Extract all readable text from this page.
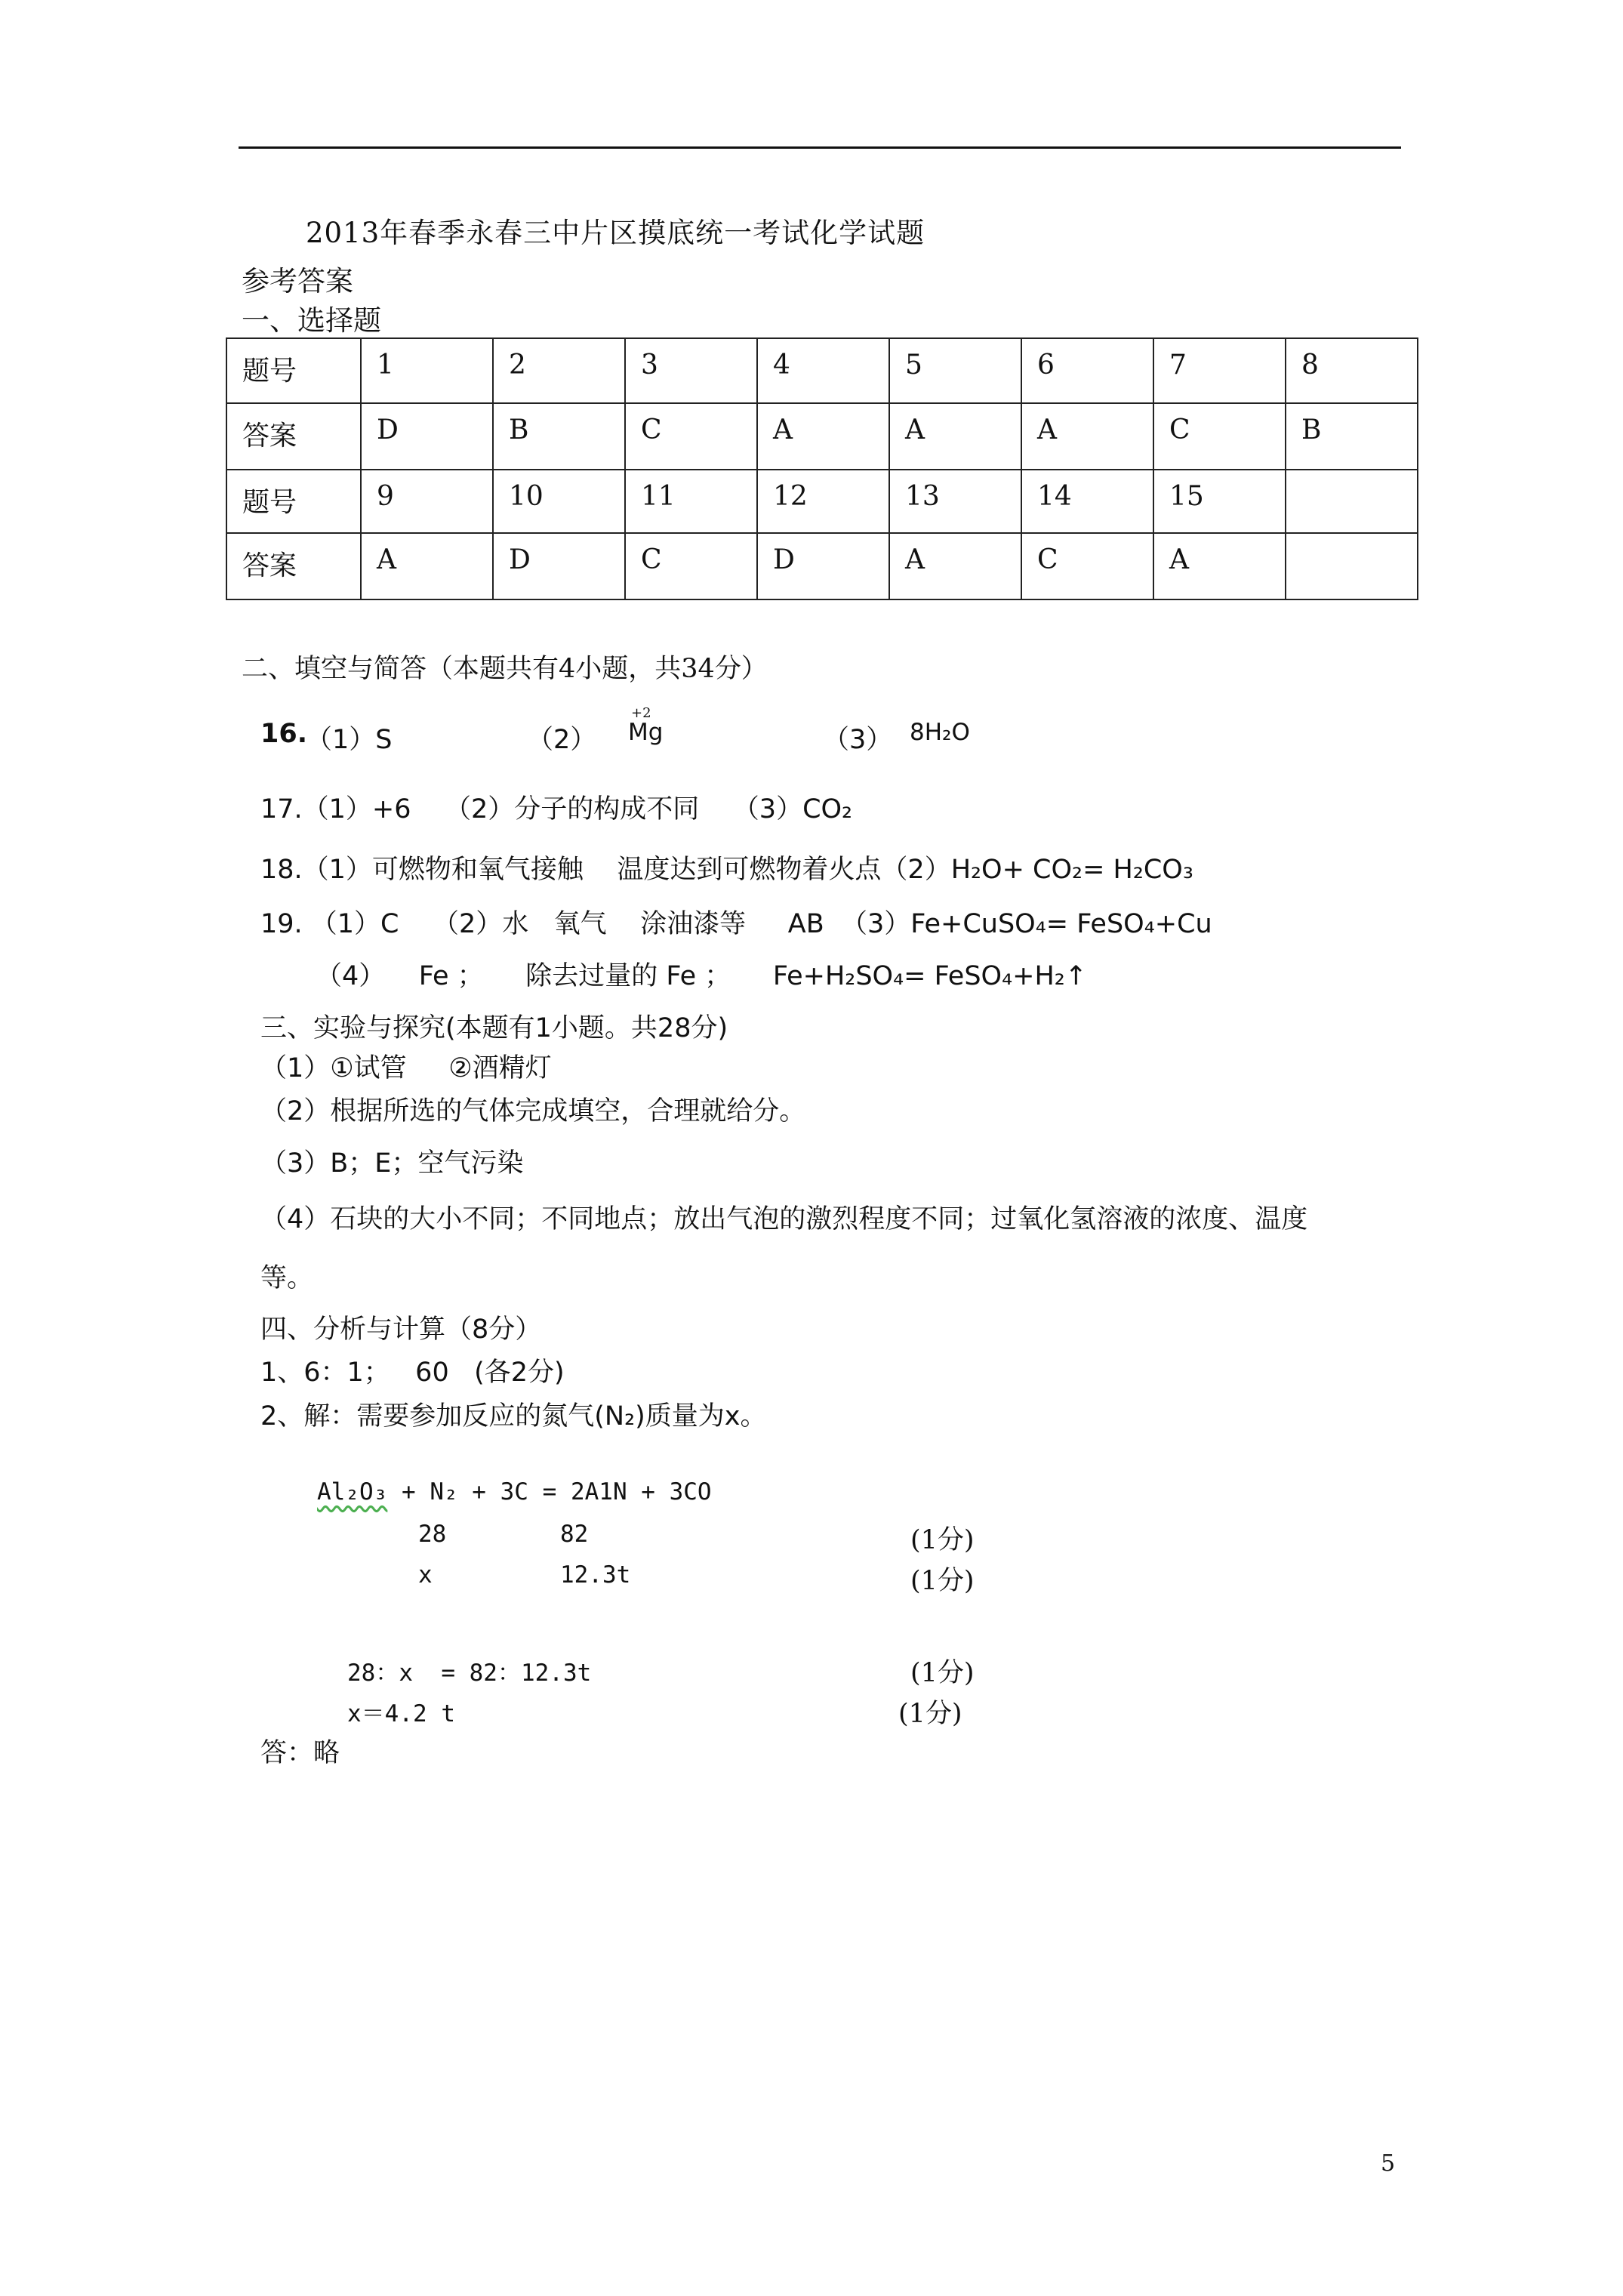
2013年春季永春三中片区摸底统一考试化学试题
参考答案
一、选择题
题号	1	2	3	4	5	6	7	8
答案	D	B	C	A	A	A	C	B
题号	9	10	11	12	13	14	15	
答案	A	D	C	D	A	C	A	
二、填空与简答（本题共有4小题，共34分）
16.
（1）S	（2）
+2
Mg	（3） 8H₂O
17.（1）+6    （2）分子的构成不同    （3）CO₂
18.（1）可燃物和氧气接触    温度达到可燃物着火点（2）H₂O+ CO₂= H₂CO₃
19. （1）C    （2）水   氧气    涂油漆等     AB  （3）Fe+CuSO₄= FeSO₄+Cu
（4）    Fe ；     除去过量的 Fe ；     Fe+H₂SO₄= FeSO₄+H₂↑
三、实验与探究(本题有1小题。共28分)
（1）①试管     ②酒精灯
（2）根据所选的气体完成填空，合理就给分。
（3）B；E；空气污染
（4）石块的大小不同；不同地点；放出气泡的激烈程度不同；过氧化氢溶液的浓度、温度
等。
四、分析与计算（8分）
1、6：1；   60   (各2分)
2、解：需要参加反应的氮气(N₂)质量为x。
Al₂O₃ + N₂ + 3C = 2A1N + 3CO
28	82	(1分)
x	12.3t	(1分)
28：x  = 82：12.3t	(1分)
x＝4.2 t	(1分)
答：略
5
